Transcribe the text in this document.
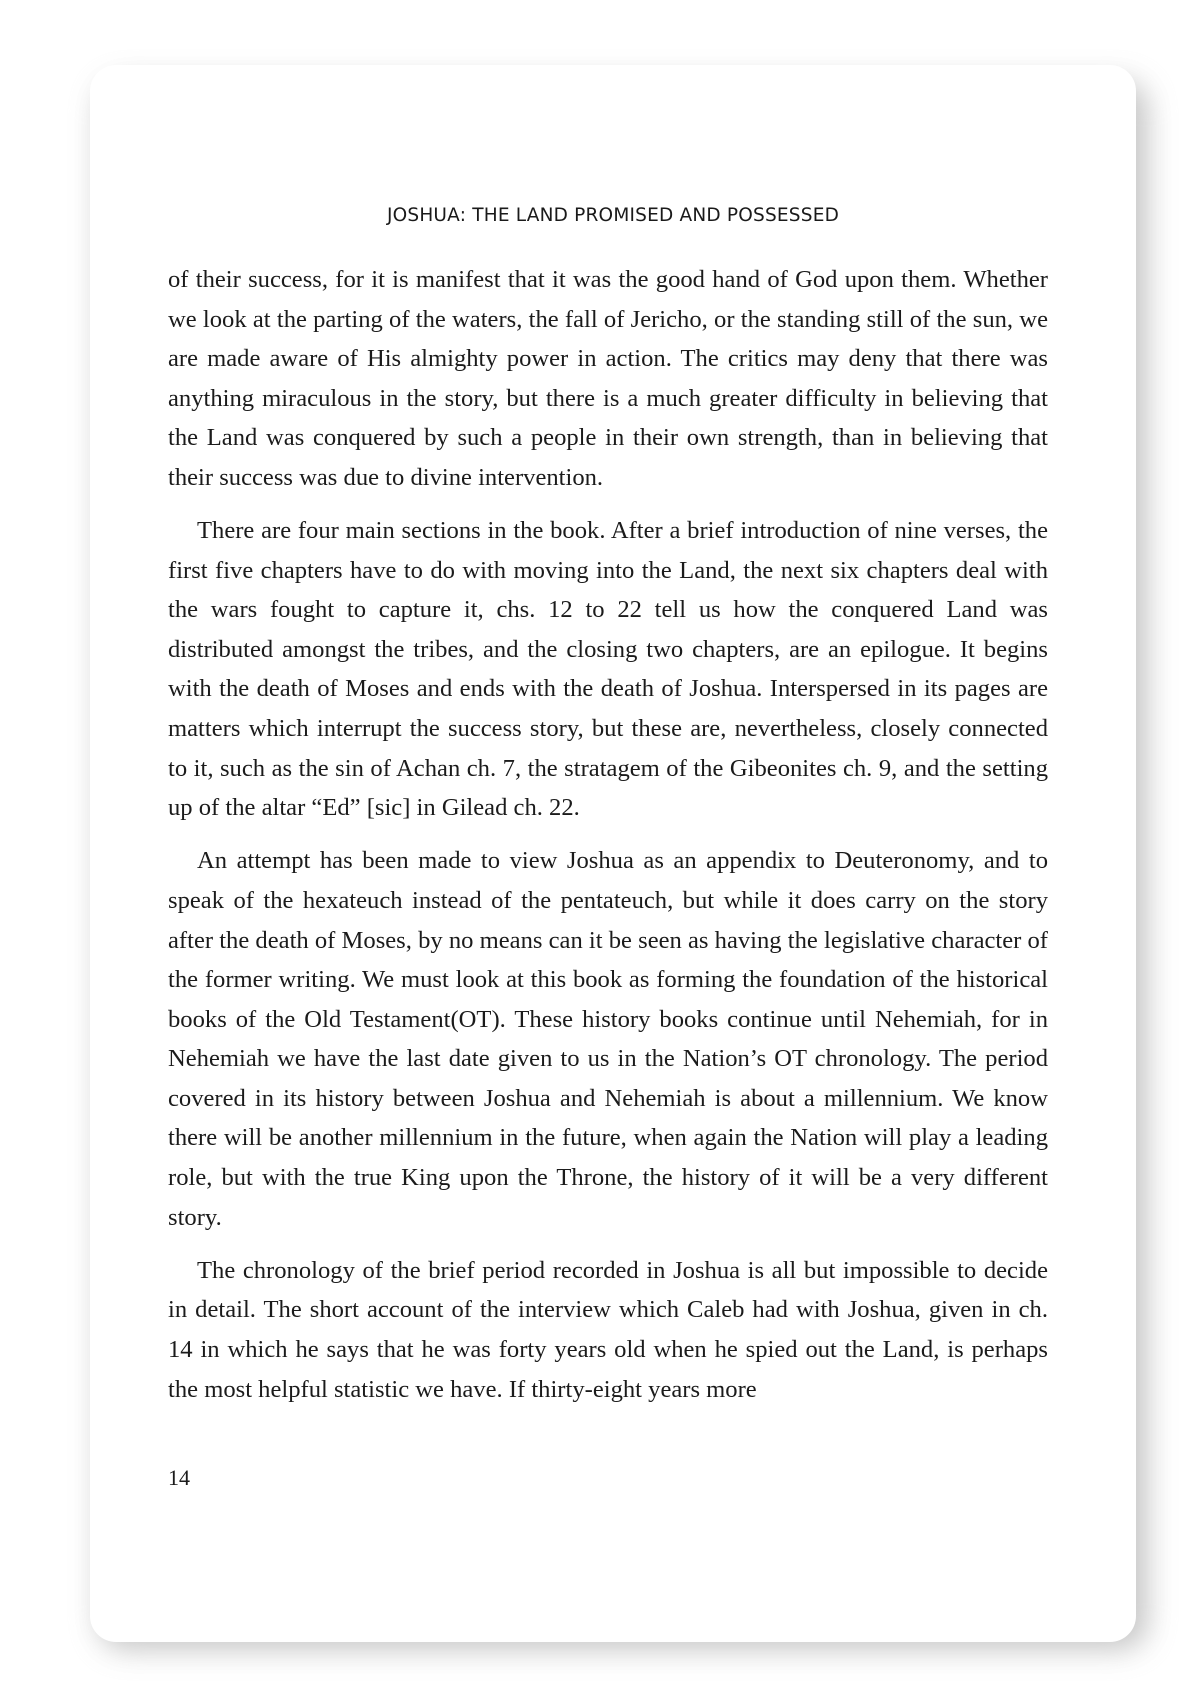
JOSHUA: THE LAND PROMISED AND POSSESSED

of their success, for it is manifest that it was the good hand of God upon them. Whether we look at the parting of the waters, the fall of Jericho, or the standing still of the sun, we are made aware of His almighty power in action. The critics may deny that there was anything miraculous in the story, but there is a much greater difficulty in believing that the Land was conquered by such a people in their own strength, than in believing that their success was due to divine intervention.

There are four main sections in the book. After a brief introduction of nine verses, the first five chapters have to do with moving into the Land, the next six chapters deal with the wars fought to capture it, chs. 12 to 22 tell us how the conquered Land was distributed amongst the tribes, and the closing two chapters, are an epilogue. It begins with the death of Moses and ends with the death of Joshua. Interspersed in its pages are matters which interrupt the success story, but these are, nevertheless, closely connected to it, such as the sin of Achan ch. 7, the stratagem of the Gibeonites ch. 9, and the setting up of the altar “Ed” [sic] in Gilead ch. 22.

An attempt has been made to view Joshua as an appendix to Deuteronomy, and to speak of the hexateuch instead of the pentateuch, but while it does carry on the story after the death of Moses, by no means can it be seen as having the legislative character of the former writing. We must look at this book as forming the foundation of the historical books of the Old Testament(OT). These history books continue until Nehemiah, for in Nehemiah we have the last date given to us in the Nation’s OT chronology. The period covered in its history between Joshua and Nehemiah is about a millennium. We know there will be another millennium in the future, when again the Nation will play a leading role, but with the true King upon the Throne, the history of it will be a very different story.

The chronology of the brief period recorded in Joshua is all but impossible to decide in detail. The short account of the interview which Caleb had with Joshua, given in ch. 14 in which he says that he was forty years old when he spied out the Land, is perhaps the most helpful statistic we have. If thirty-eight years more

14
